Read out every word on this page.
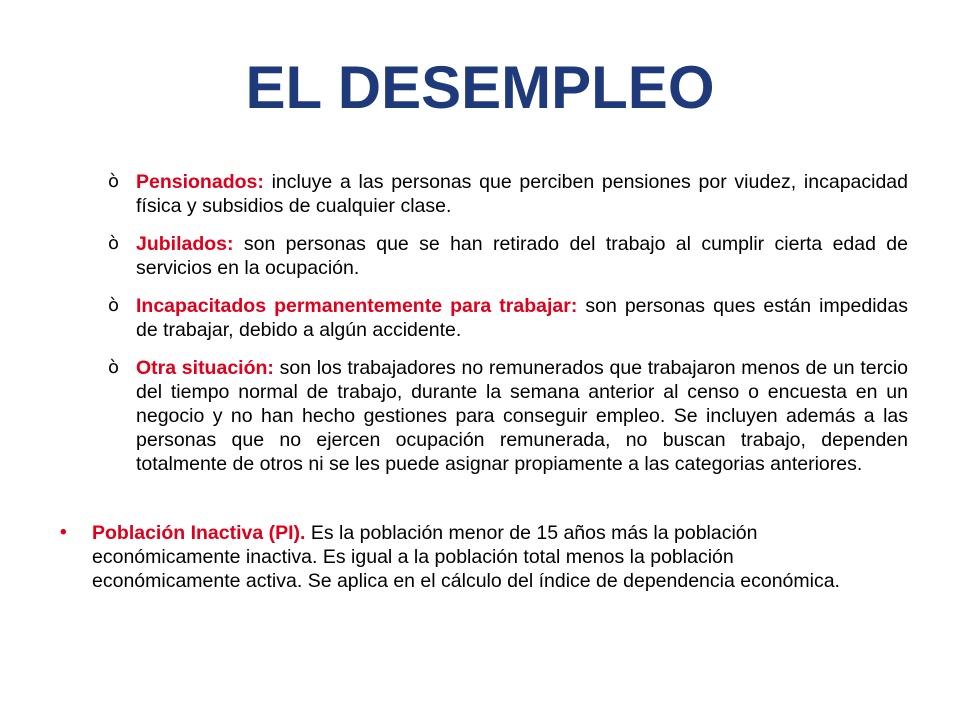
EL DESEMPLEO
ò Pensionados: incluye a las personas que perciben pensiones por viudez, incapacidad física y subsidios de cualquier clase.
ò Jubilados: son personas que se han retirado del trabajo al cumplir cierta edad de servicios en la ocupación.
ò Incapacitados permanentemente para trabajar: son personas ques están impedidas de trabajar, debido a algún accidente.
ò Otra situación: son los trabajadores no remunerados que trabajaron menos de un tercio del tiempo normal de trabajo, durante la semana anterior al censo o encuesta en un negocio y no han hecho gestiones para conseguir empleo. Se incluyen además a las personas que no ejercen ocupación remunerada, no buscan trabajo, dependen totalmente de otros ni se les puede asignar propiamente a las categorias anteriores.
• Población Inactiva (PI). Es la población menor de 15 años más la población económicamente inactiva. Es igual a la población total menos la población económicamente activa. Se aplica en el cálculo del índice de dependencia económica.
